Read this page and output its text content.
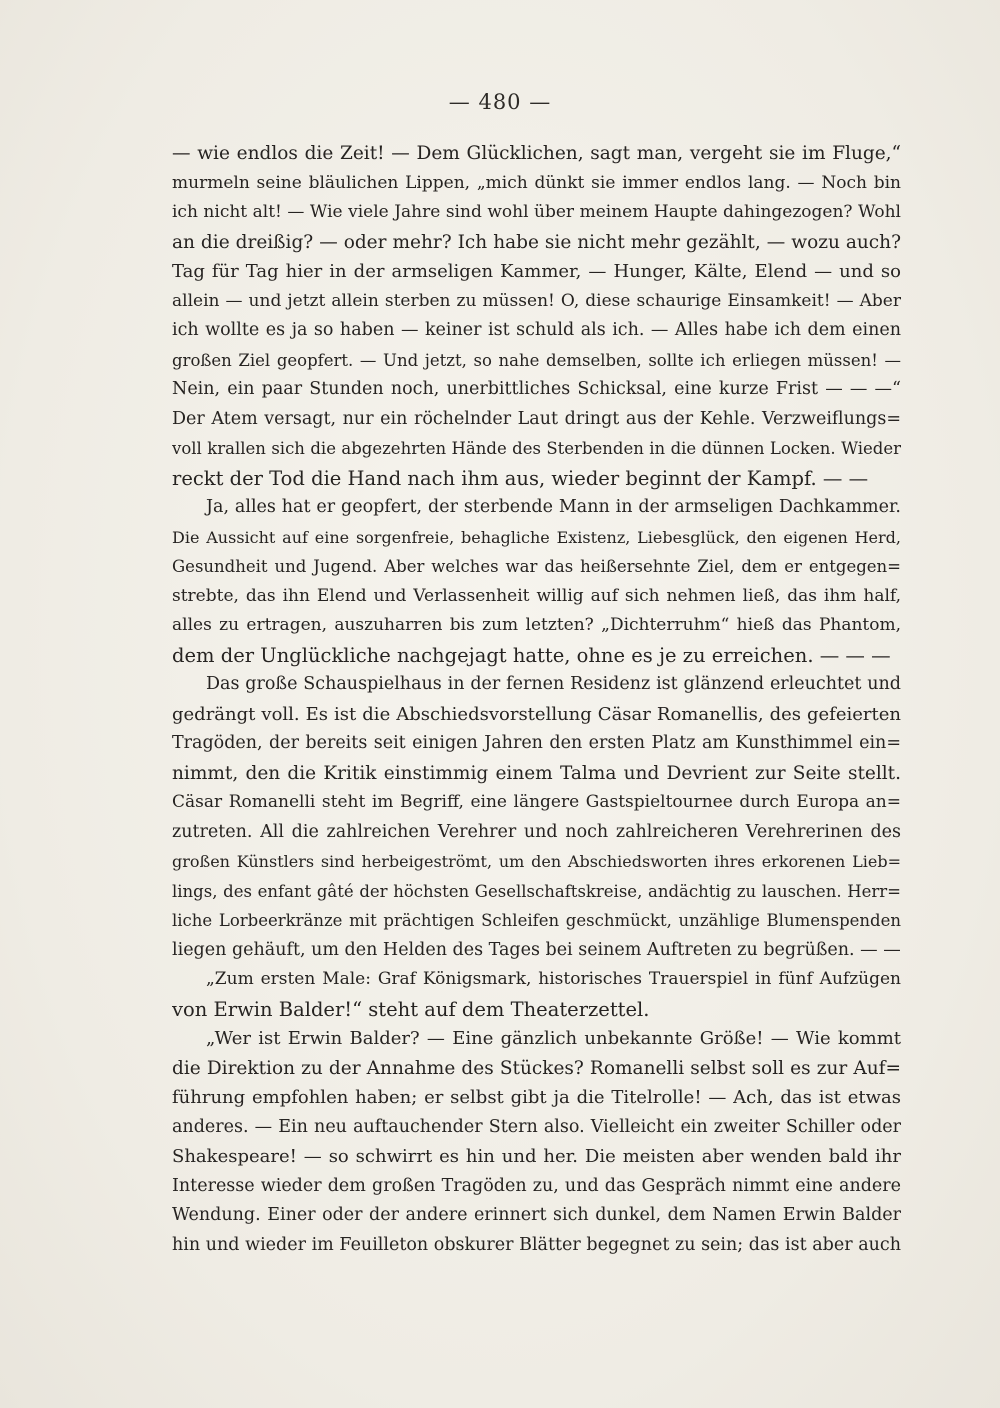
— 480 —
— wie endlos die Zeit! — Dem Glücklichen, sagt man, vergeht sie im Fluge,“
murmeln seine bläulichen Lippen, „mich dünkt sie immer endlos lang. — Noch bin
ich nicht alt! — Wie viele Jahre sind wohl über meinem Haupte dahingezogen? Wohl
an die dreißig? — oder mehr? Ich habe sie nicht mehr gezählt, — wozu auch?
Tag für Tag hier in der armseligen Kammer, — Hunger, Kälte, Elend — und so
allein — und jetzt allein sterben zu müssen! O, diese schaurige Einsamkeit! — Aber
ich wollte es ja so haben — keiner ist schuld als ich. — Alles habe ich dem einen
großen Ziel geopfert. — Und jetzt, so nahe demselben, sollte ich erliegen müssen! —
Nein, ein paar Stunden noch, unerbittliches Schicksal, eine kurze Frist — — —“
Der Atem versagt, nur ein röchelnder Laut dringt aus der Kehle. Verzweiflungs=
voll krallen sich die abgezehrten Hände des Sterbenden in die dünnen Locken. Wieder
reckt der Tod die Hand nach ihm aus, wieder beginnt der Kampf. — —
Ja, alles hat er geopfert, der sterbende Mann in der armseligen Dachkammer.
Die Aussicht auf eine sorgenfreie, behagliche Existenz, Liebesglück, den eigenen Herd,
Gesundheit und Jugend. Aber welches war das heißersehnte Ziel, dem er entgegen=
strebte, das ihn Elend und Verlassenheit willig auf sich nehmen ließ, das ihm half,
alles zu ertragen, auszuharren bis zum letzten? „Dichterruhm“ hieß das Phantom,
dem der Unglückliche nachgejagt hatte, ohne es je zu erreichen. — — —
Das große Schauspielhaus in der fernen Residenz ist glänzend erleuchtet und
gedrängt voll. Es ist die Abschiedsvorstellung Cäsar Romanellis, des gefeierten
Tragöden, der bereits seit einigen Jahren den ersten Platz am Kunsthimmel ein=
nimmt, den die Kritik einstimmig einem Talma und Devrient zur Seite stellt.
Cäsar Romanelli steht im Begriff, eine längere Gastspieltournee durch Europa an=
zutreten. All die zahlreichen Verehrer und noch zahlreicheren Verehrerinen des
großen Künstlers sind herbeigeströmt, um den Abschiedsworten ihres erkorenen Lieb=
lings, des enfant gâté der höchsten Gesellschaftskreise, andächtig zu lauschen. Herr=
liche Lorbeerkränze mit prächtigen Schleifen geschmückt, unzählige Blumenspenden
liegen gehäuft, um den Helden des Tages bei seinem Auftreten zu begrüßen. — —
„Zum ersten Male: Graf Königsmark, historisches Trauerspiel in fünf Aufzügen
von Erwin Balder!“ steht auf dem Theaterzettel.
„Wer ist Erwin Balder? — Eine gänzlich unbekannte Größe! — Wie kommt
die Direktion zu der Annahme des Stückes? Romanelli selbst soll es zur Auf=
führung empfohlen haben; er selbst gibt ja die Titelrolle! — Ach, das ist etwas
anderes. — Ein neu auftauchender Stern also. Vielleicht ein zweiter Schiller oder
Shakespeare! — so schwirrt es hin und her. Die meisten aber wenden bald ihr
Interesse wieder dem großen Tragöden zu, und das Gespräch nimmt eine andere
Wendung. Einer oder der andere erinnert sich dunkel, dem Namen Erwin Balder
hin und wieder im Feuilleton obskurer Blätter begegnet zu sein; das ist aber auch
